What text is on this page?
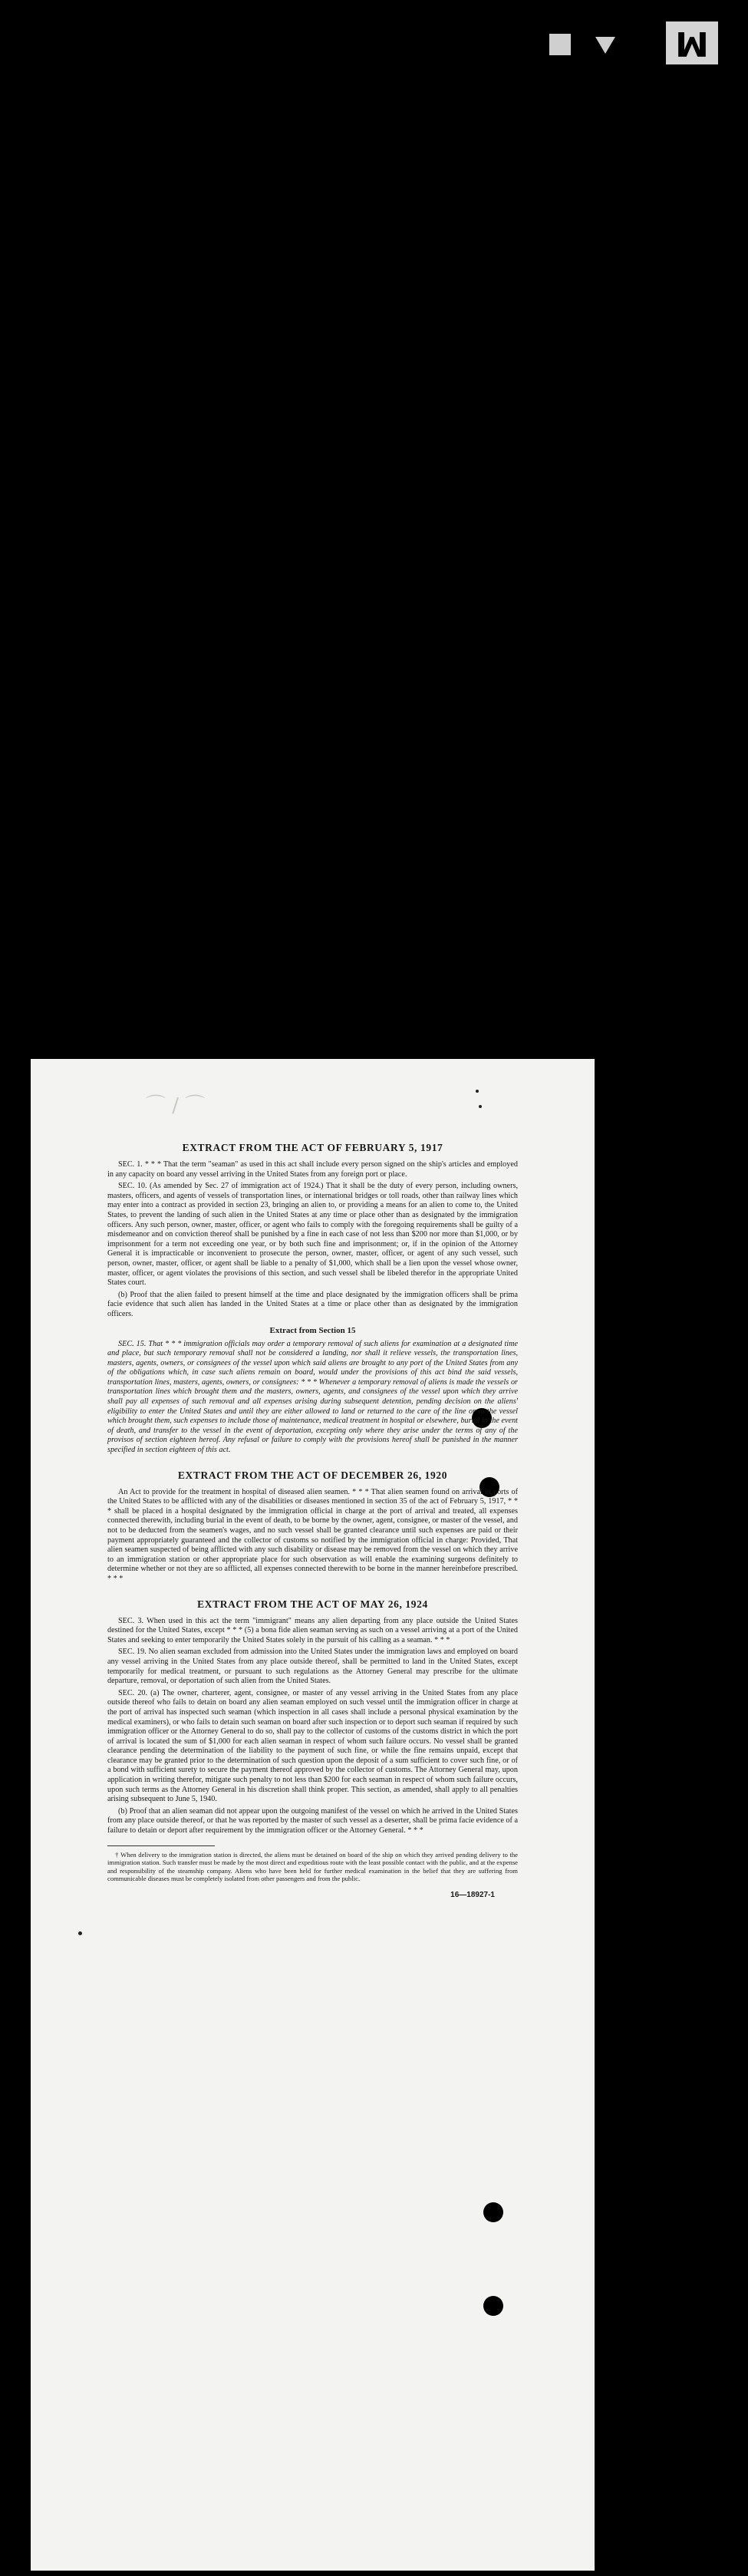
M
⌒ ∕ ⌒
EXTRACT FROM THE ACT OF FEBRUARY 5, 1917

SEC. 1. * * * That the term "seaman" as used in this act shall include every person signed on the ship's articles and employed in any capacity on board any vessel arriving in the United States from any foreign port or place.

SEC. 10. (As amended by Sec. 27 of immigration act of 1924.) That it shall be the duty of every person, including owners, masters, officers, and agents of vessels of transportation lines, or international bridges or toll roads, other than railway lines which may enter into a contract as provided in section 23, bringing an alien to, or providing a means for an alien to come to, the United States, to prevent the landing of such alien in the United States at any time or place other than as designated by the immigration officers. Any such person, owner, master, officer, or agent who fails to comply with the foregoing requirements shall be guilty of a misdemeanor and on conviction thereof shall be punished by a fine in each case of not less than $200 nor more than $1,000, or by imprisonment for a term not exceeding one year, or by both such fine and imprisonment; or, if in the opinion of the Attorney General it is impracticable or inconvenient to prosecute the person, owner, master, officer, or agent of any such vessel, such person, owner, master, officer, or agent shall be liable to a penalty of $1,000, which shall be a lien upon the vessel whose owner, master, officer, or agent violates the provisions of this section, and such vessel shall be libeled therefor in the appropriate United States court.

(b) Proof that the alien failed to present himself at the time and place designated by the immigration officers shall be prima facie evidence that such alien has landed in the United States at a time or place other than as designated by the immigration officers.

Extract from Section 15

SEC. 15. That * * * immigration officials may order a temporary removal of such aliens for examination at a designated time and place, but such temporary removal shall not be considered a landing, nor shall it relieve vessels, the transportation lines, masters, agents, owners, or consignees of the vessel upon which said aliens are brought to any port of the United States from any of the obligations which, in case such aliens remain on board, would under the provisions of this act bind the said vessels, transportation lines, masters, agents, owners, or consignees: * * * Whenever a temporary removal of aliens is made the vessels or transportation lines which brought them and the masters, owners, agents, and consignees of the vessel upon which they arrive shall pay all expenses of such removal and all expenses arising during subsequent detention, pending decision on the aliens' eligibility to enter the United States and until they are either allowed to land or returned to the care of the line or to the vessel which brought them, such expenses to include those of maintenance, medical treatment in hospital or elsewhere, burial in the event of death, and transfer to the vessel in the event of deportation, excepting only where they arise under the terms of any of the provisos of section eighteen hereof. Any refusal or failure to comply with the provisions hereof shall be punished in the manner specified in section eighteen of this act.

EXTRACT FROM THE ACT OF DECEMBER 26, 1920

An Act to provide for the treatment in hospital of diseased alien seamen. * * * That alien seamen found on arrival in ports of the United States to be afflicted with any of the disabilities or diseases mentioned in section 35 of the act of February 5, 1917, * * * shall be placed in a hospital designated by the immigration official in charge at the port of arrival and treated, all expenses connected therewith, including burial in the event of death, to be borne by the owner, agent, consignee, or master of the vessel, and not to be deducted from the seamen's wages, and no such vessel shall be granted clearance until such expenses are paid or their payment appropriately guaranteed and the collector of customs so notified by the immigration official in charge: Provided, That alien seamen suspected of being afflicted with any such disability or disease may be removed from the vessel on which they arrive to an immigration station or other appropriate place for such observation as will enable the examining surgeons definitely to determine whether or not they are so afflicted, all expenses connected therewith to be borne in the manner hereinbefore prescribed. * * *

EXTRACT FROM THE ACT OF MAY 26, 1924

SEC. 3. When used in this act the term "immigrant" means any alien departing from any place outside the United States destined for the United States, except * * * (5) a bona fide alien seaman serving as such on a vessel arriving at a port of the United States and seeking to enter temporarily the United States solely in the pursuit of his calling as a seaman. * * *

SEC. 19. No alien seaman excluded from admission into the United States under the immigration laws and employed on board any vessel arriving in the United States from any place outside thereof, shall be permitted to land in the United States, except temporarily for medical treatment, or pursuant to such regulations as the Attorney General may prescribe for the ultimate departure, removal, or deportation of such alien from the United States.

SEC. 20. (a) The owner, charterer, agent, consignee, or master of any vessel arriving in the United States from any place outside thereof who fails to detain on board any alien seaman employed on such vessel until the immigration officer in charge at the port of arrival has inspected such seaman (which inspection in all cases shall include a personal physical examination by the medical examiners), or who fails to detain such seaman on board after such inspection or to deport such seaman if required by such immigration officer or the Attorney General to do so, shall pay to the collector of customs of the customs district in which the port of arrival is located the sum of $1,000 for each alien seaman in respect of whom such failure occurs. No vessel shall be granted clearance pending the determination of the liability to the payment of such fine, or while the fine remains unpaid, except that clearance may be granted prior to the determination of such question upon the deposit of a sum sufficient to cover such fine, or of a bond with sufficient surety to secure the payment thereof approved by the collector of customs. The Attorney General may, upon application in writing therefor, mitigate such penalty to not less than $200 for each seaman in respect of whom such failure occurs, upon such terms as the Attorney General in his discretion shall think proper. This section, as amended, shall apply to all penalties arising subsequent to June 5, 1940.

(b) Proof that an alien seaman did not appear upon the outgoing manifest of the vessel on which he arrived in the United States from any place outside thereof, or that he was reported by the master of such vessel as a deserter, shall be prima facie evidence of a failure to detain or deport after requirement by the immigration officer or the Attorney General. * * *

† When delivery to the immigration station is directed, the aliens must be detained on board of the ship on which they arrived pending delivery to the immigration station. Such transfer must be made by the most direct and expeditious route with the least possible contact with the public, and at the expense and responsibility of the steamship company. Aliens who have been held for further medical examination in the belief that they are suffering from communicable diseases must be completely isolated from other passengers and from the public.

16—18927-1
